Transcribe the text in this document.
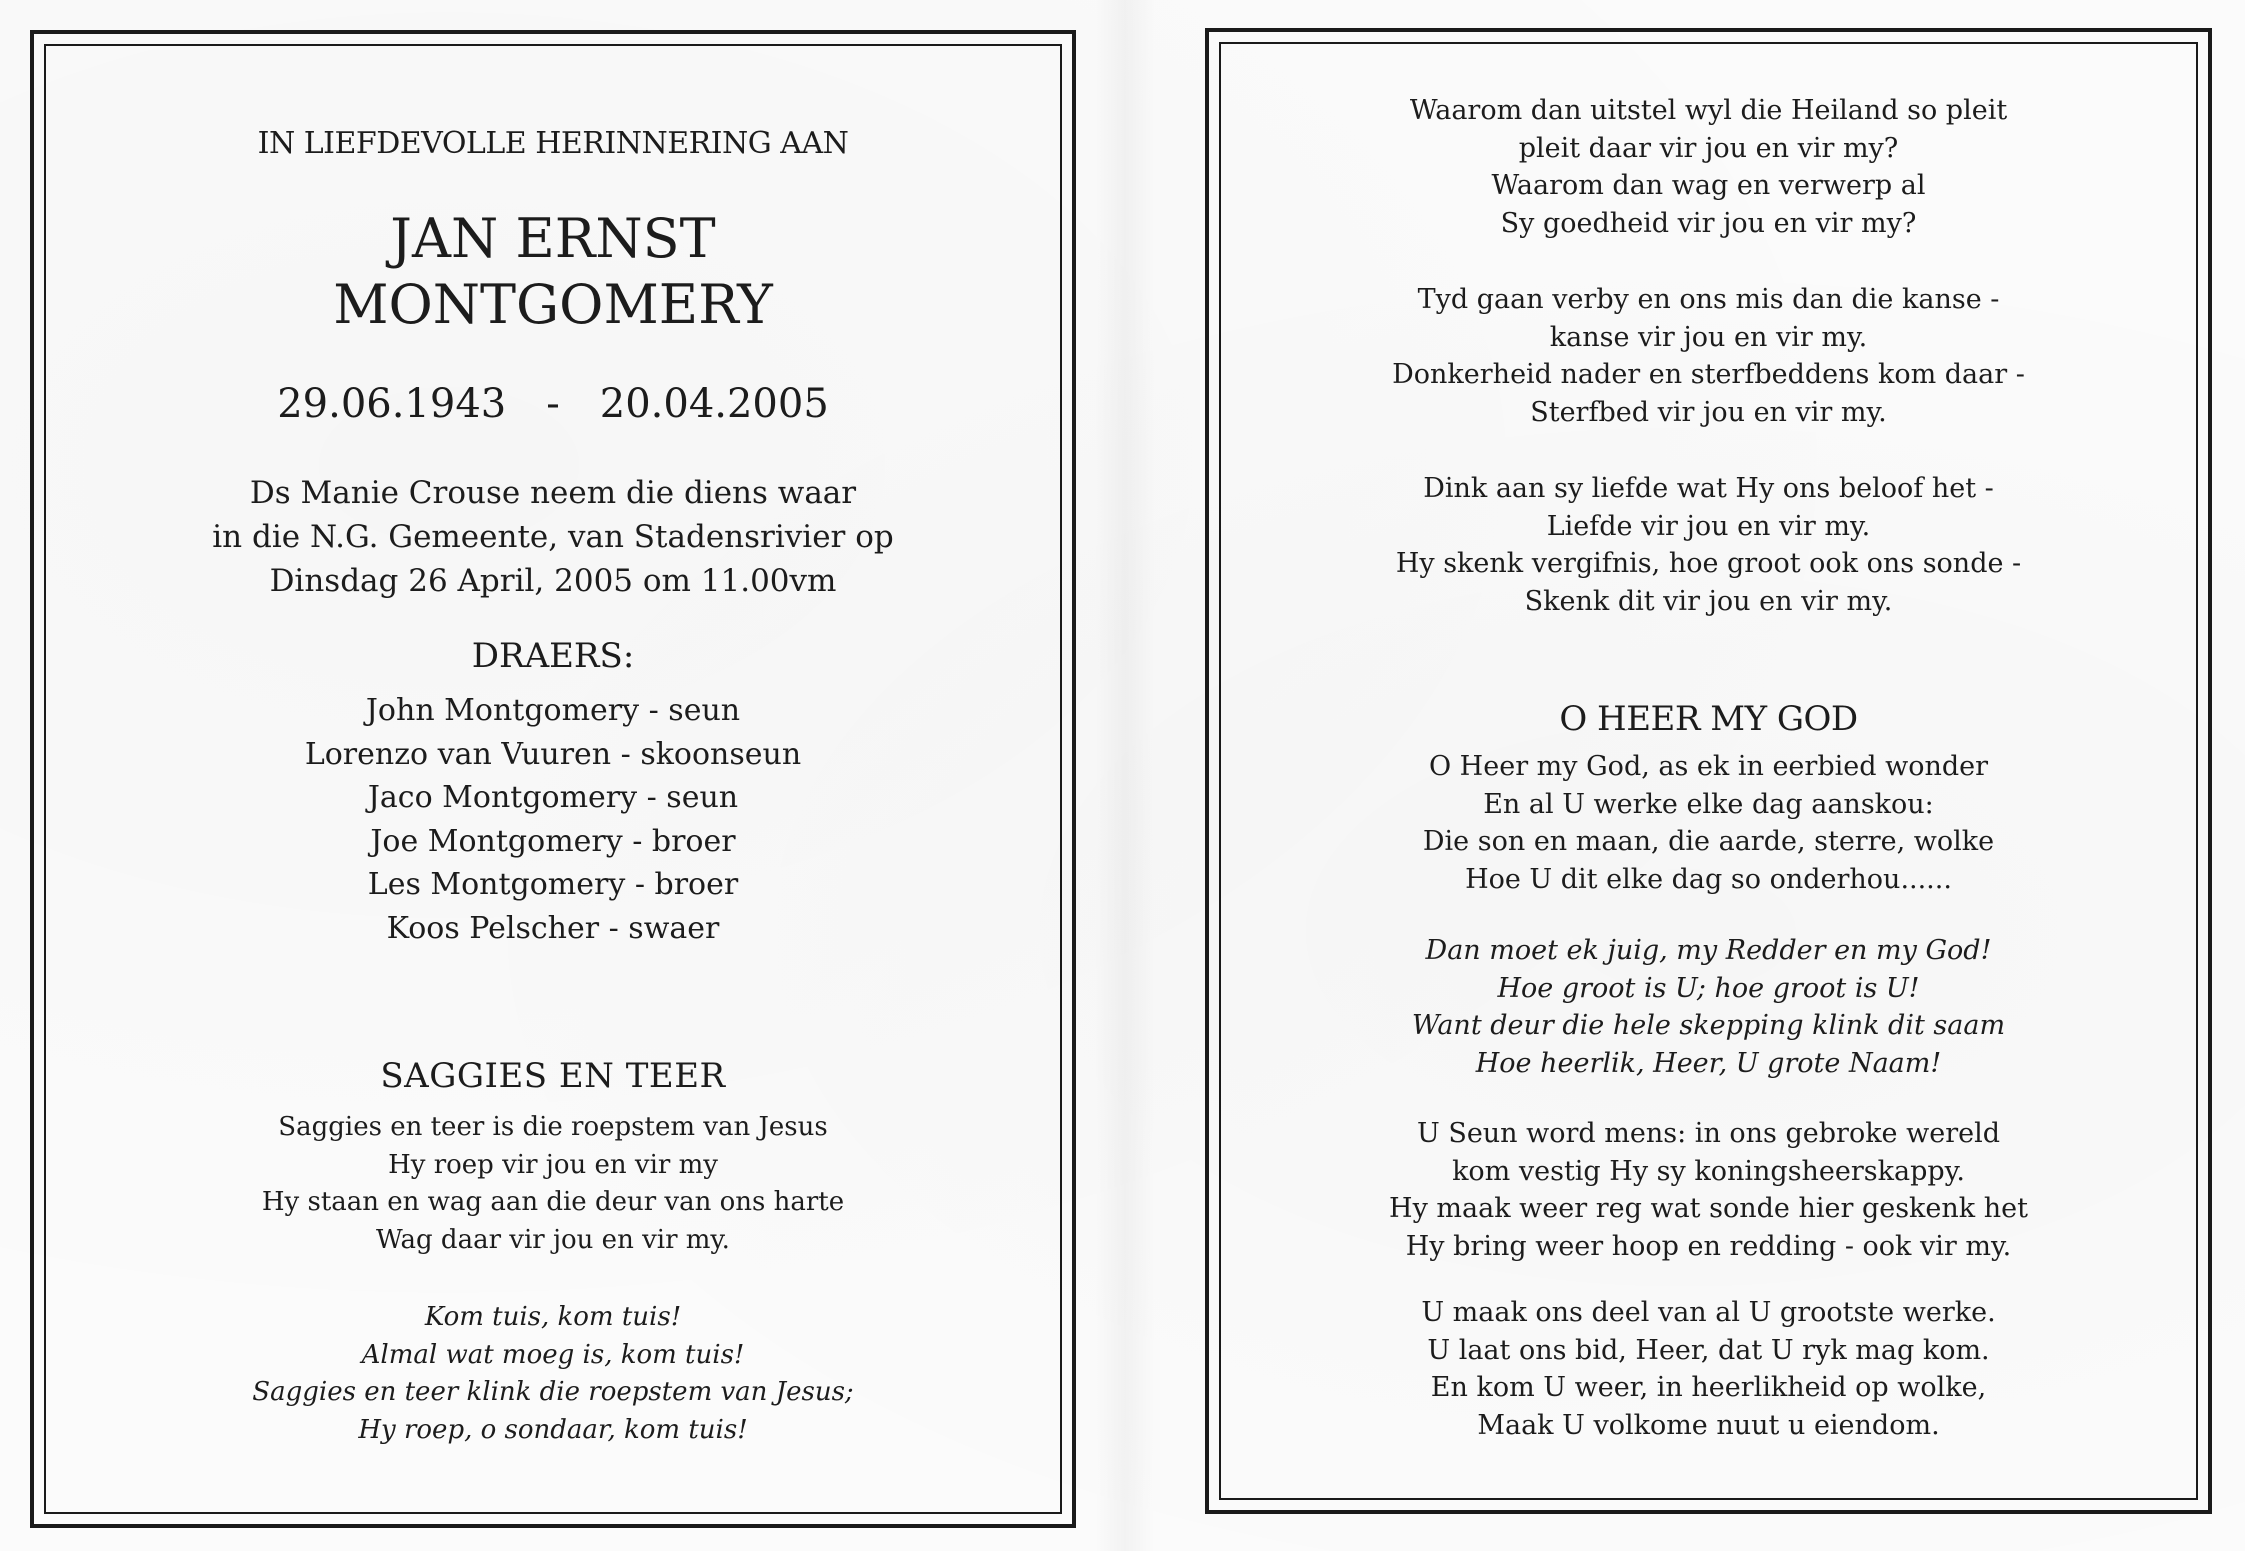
IN LIEFDEVOLLE HERINNERING AAN
JAN ERNST
MONTGOMERY
29.06.1943 - 20.04.2005
Ds Manie Crouse neem die diens waar
in die N.G. Gemeente, van Stadensrivier op
Dinsdag 26 April, 2005 om 11.00vm
DRAERS:
John Montgomery - seun
Lorenzo van Vuuren - skoonseun
Jaco Montgomery - seun
Joe Montgomery - broer
Les Montgomery - broer
Koos Pelscher - swaer
SAGGIES EN TEER
Saggies en teer is die roepstem van Jesus
Hy roep vir jou en vir my
Hy staan en wag aan die deur van ons harte
Wag daar vir jou en vir my.
Kom tuis, kom tuis!
Almal wat moeg is, kom tuis!
Saggies en teer klink die roepstem van Jesus;
Hy roep, o sondaar, kom tuis!
Waarom dan uitstel wyl die Heiland so pleit
pleit daar vir jou en vir my?
Waarom dan wag en verwerp al
Sy goedheid vir jou en vir my?
Tyd gaan verby en ons mis dan die kanse -
kanse vir jou en vir my.
Donkerheid nader en sterfbeddens kom daar -
Sterfbed vir jou en vir my.
Dink aan sy liefde wat Hy ons beloof het -
Liefde vir jou en vir my.
Hy skenk vergifnis, hoe groot ook ons sonde -
Skenk dit vir jou en vir my.
O HEER MY GOD
O Heer my God, as ek in eerbied wonder
En al U werke elke dag aanskou:
Die son en maan, die aarde, sterre, wolke
Hoe U dit elke dag so onderhou......
Dan moet ek juig, my Redder en my God!
Hoe groot is U; hoe groot is U!
Want deur die hele skepping klink dit saam
Hoe heerlik, Heer, U grote Naam!
U Seun word mens: in ons gebroke wereld
kom vestig Hy sy koningsheerskappy.
Hy maak weer reg wat sonde hier geskenk het
Hy bring weer hoop en redding - ook vir my.
U maak ons deel van al U grootste werke.
U laat ons bid, Heer, dat U ryk mag kom.
En kom U weer, in heerlikheid op wolke,
Maak U volkome nuut u eiendom.
